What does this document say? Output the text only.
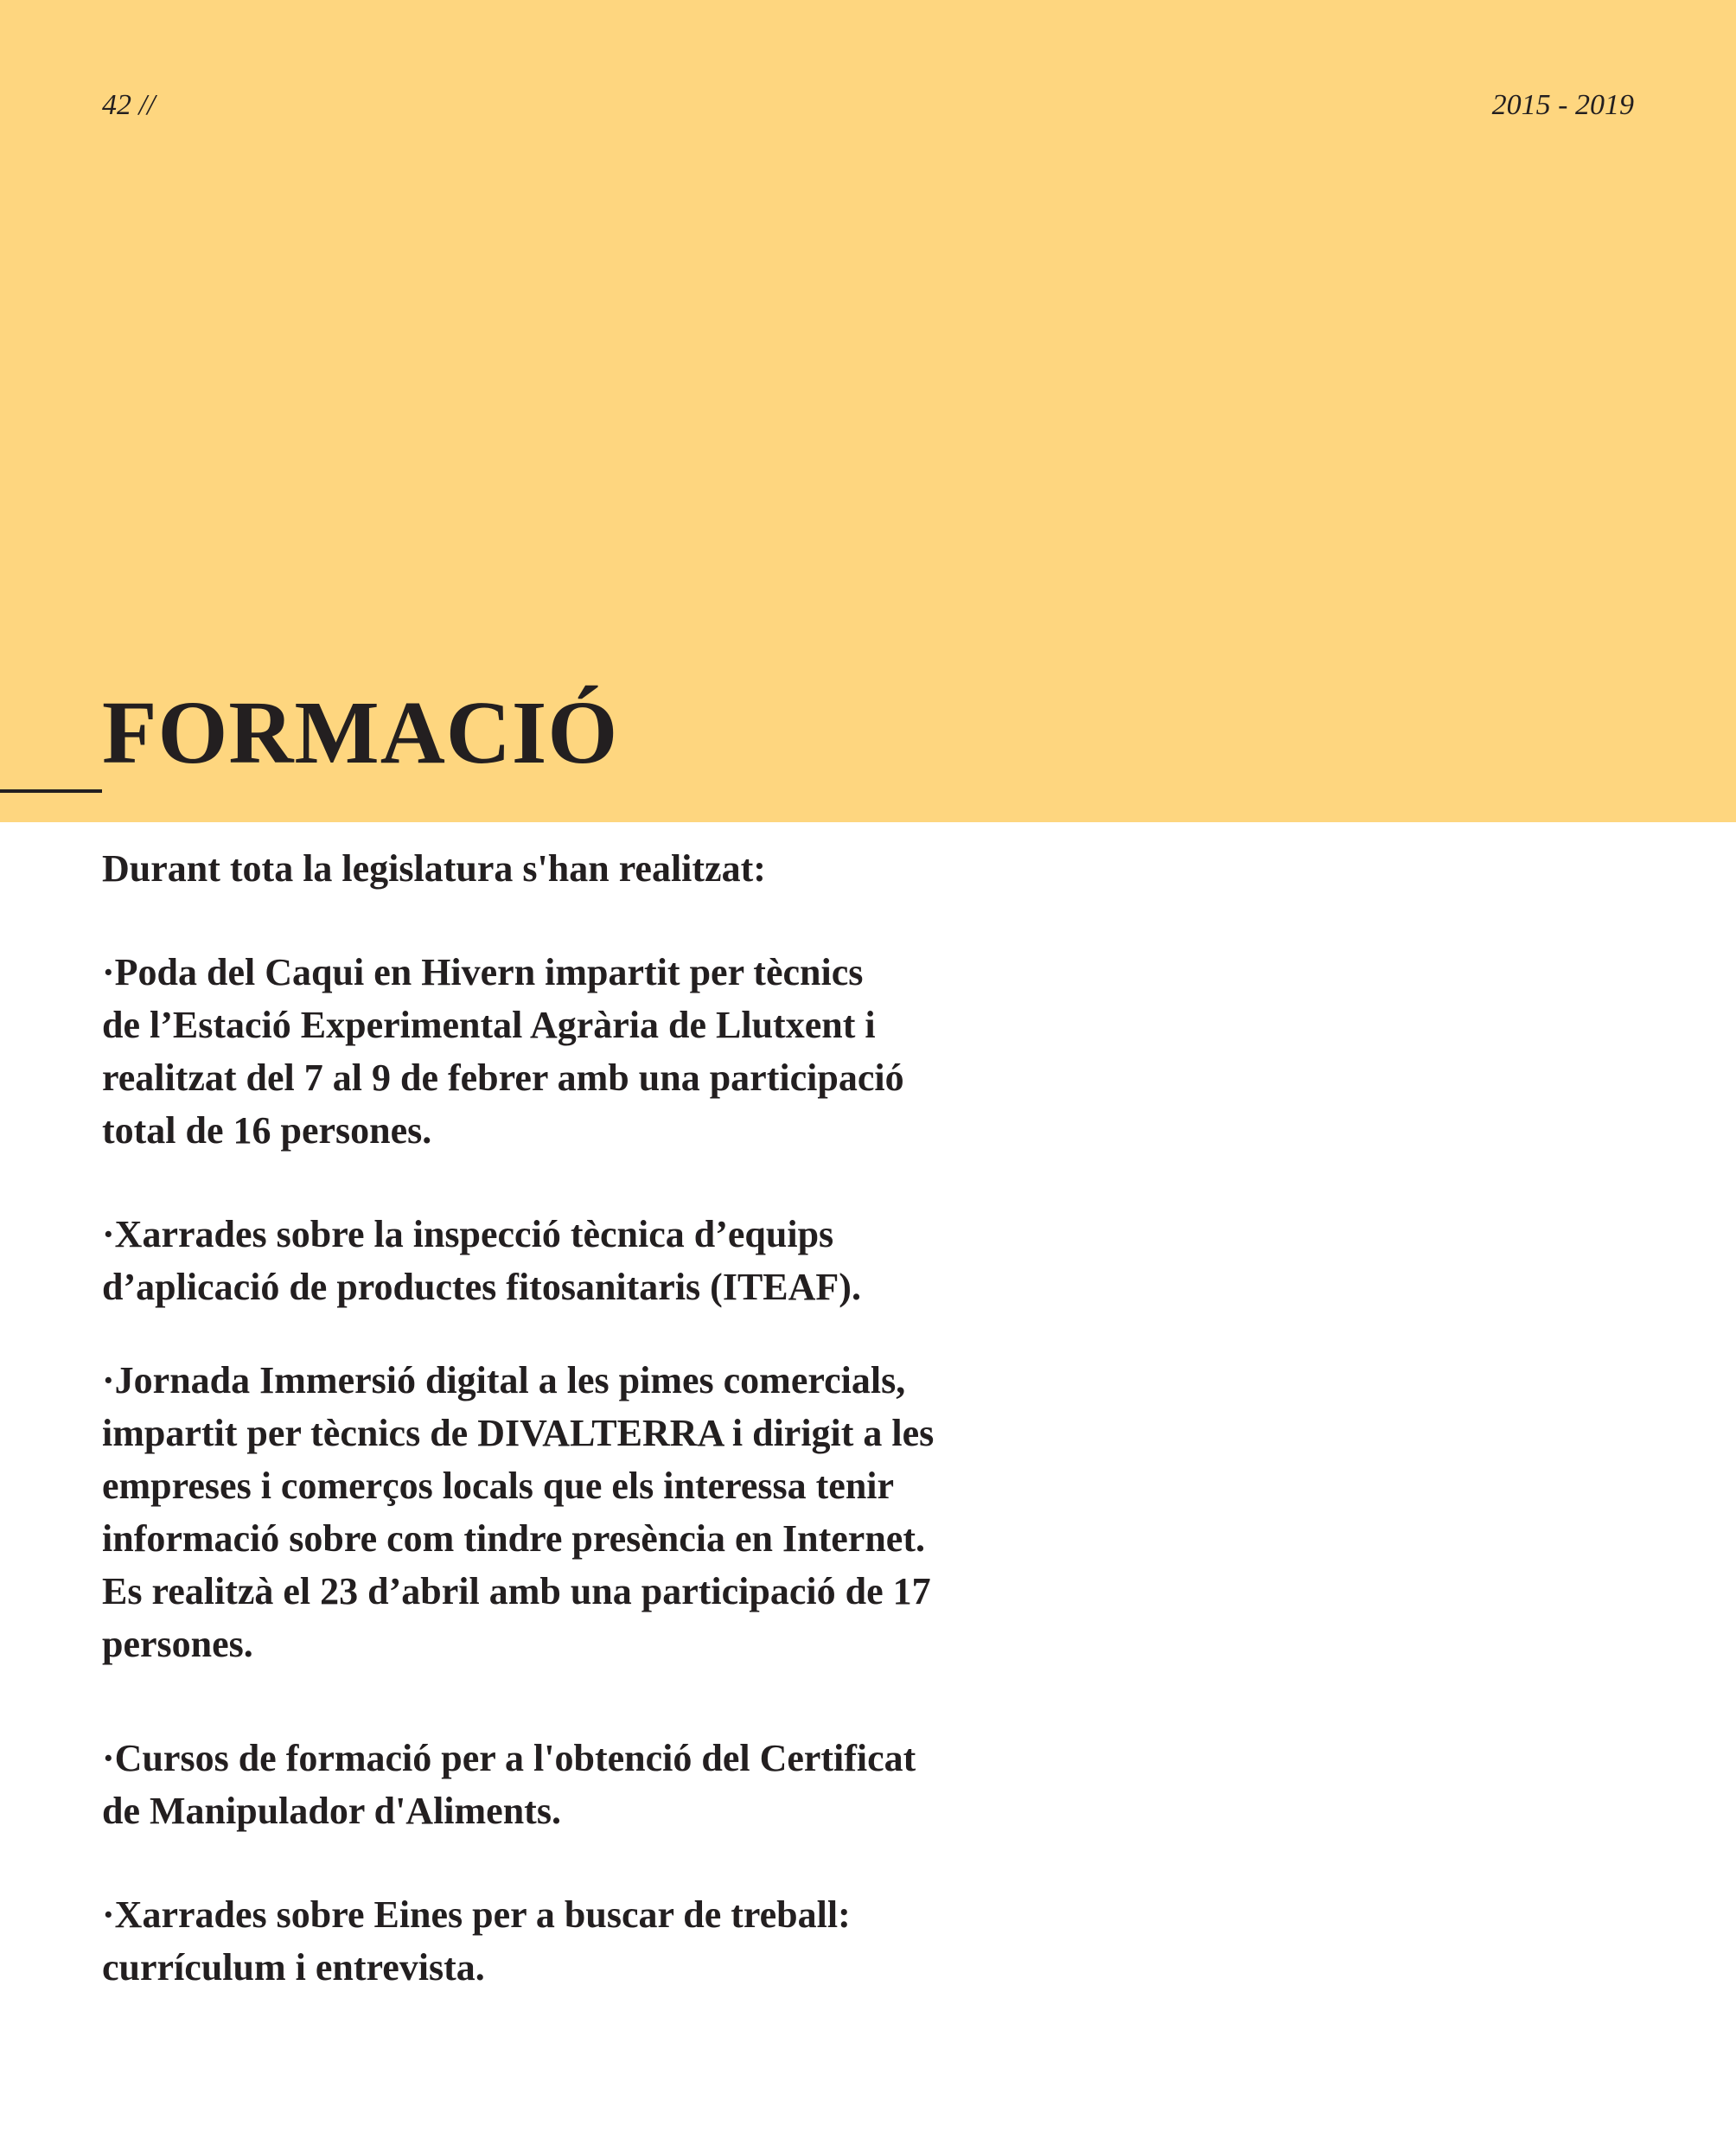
42 //	2015 - 2019
FORMACIÓ

Durant tota la legislatura s'han realitzat:

·Poda del Caqui en Hivern impartit per tècnics

de l’Estació Experimental Agrària de Llutxent i

realitzat del 7 al 9 de febrer amb una participació

total de 16 persones.

·Xarrades sobre la inspecció tècnica d’equips

d’aplicació de productes fitosanitaris (ITEAF).

·Jornada Immersió digital a les pimes comercials,

impartit per tècnics de DIVALTERRA i dirigit a les

empreses i comerços locals que els interessa tenir

informació sobre com tindre presència en Internet.

Es realitzà el 23 d’abril amb una participació de 17

persones.

·Cursos de formació per a l'obtenció del Certificat

de Manipulador d'Aliments.

·Xarrades sobre Eines per a buscar de treball:

currículum i entrevista.
